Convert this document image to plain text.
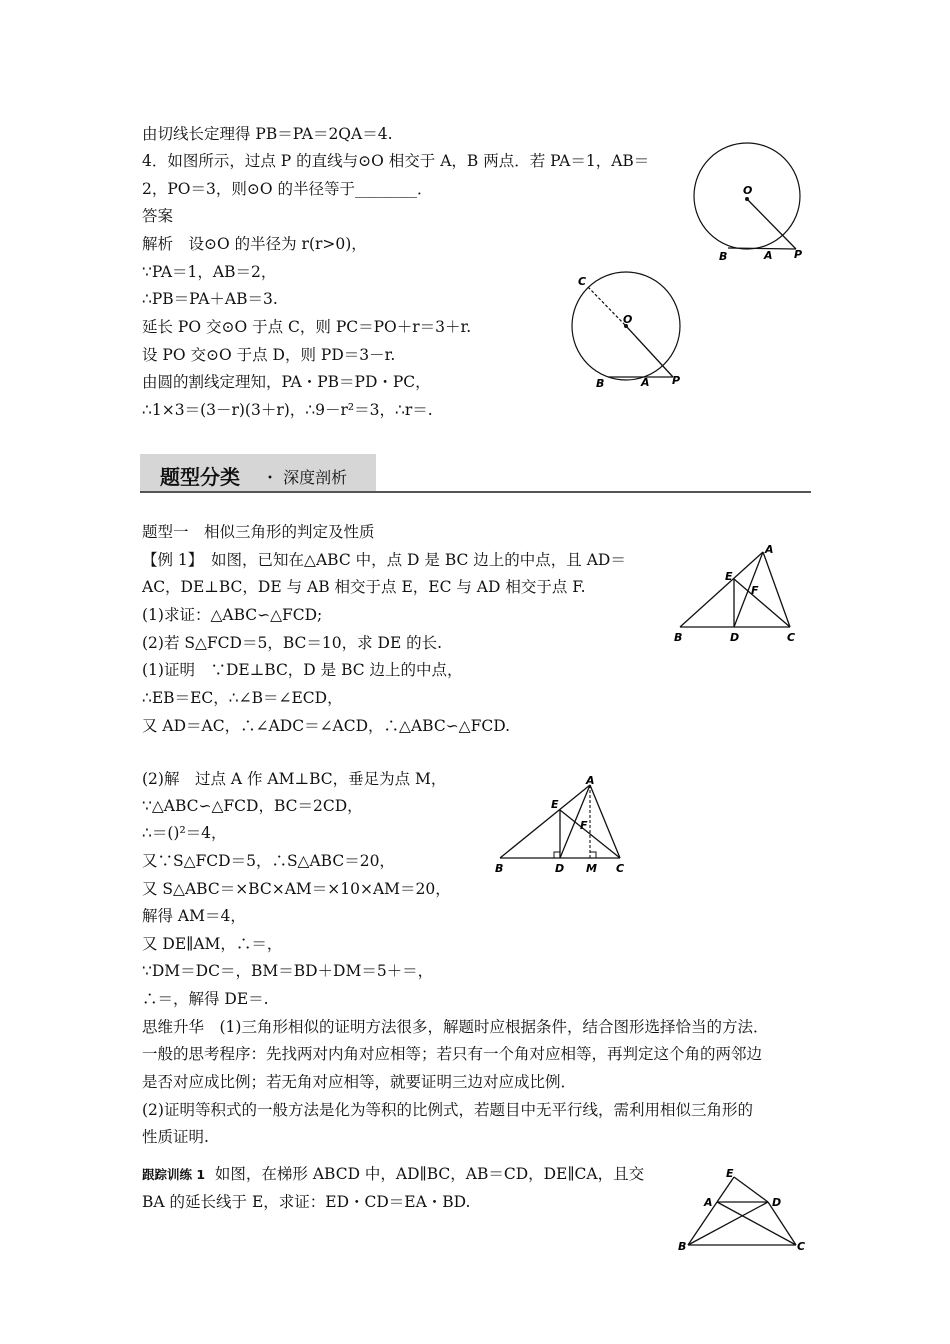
由切线长定理得 PB＝PA＝2QA＝4.
4．如图所示，过点 P 的直线与⊙O 相交于 A，B 两点．若 PA＝1，AB＝
2，PO＝3，则⊙O 的半径等于________．
答案
解析　设⊙O 的半径为 r(r>0)，
∵PA＝1，AB＝2，
∴PB＝PA＋AB＝3.
延长 PO 交⊙O 于点 C，则 PC＝PO＋r＝3＋r.
设 PO 交⊙O 于点 D，则 PD＝3－r.
由圆的割线定理知，PA・PB＝PD・PC，
∴1×3＝(3－r)(3＋r)，∴9－r²＝3，∴r＝.
题型分类 ・ 深度剖析
题型一　相似三角形的判定及性质
【例 1】　如图，已知在△ABC 中，点 D 是 BC 边上的中点，且 AD＝
AC，DE⊥BC，DE 与 AB 相交于点 E，EC 与 AD 相交于点 F.
(1)求证：△ABC∽△FCD;
(2)若 S△FCD＝5，BC＝10，求 DE 的长.
(1)证明　∵DE⊥BC，D 是 BC 边上的中点，
∴EB＝EC，∴∠B＝∠ECD，
又 AD＝AC，∴∠ADC＝∠ACD，∴△ABC∽△FCD.
(2)解　过点 A 作 AM⊥BC，垂足为点 M，
∵△ABC∽△FCD，BC＝2CD，
∴＝()²＝4，
又∵S△FCD＝5，∴S△ABC＝20，
又 S△ABC＝×BC×AM＝×10×AM＝20，
解得 AM＝4，
又 DE∥AM，∴＝，
∵DM＝DC＝，BM＝BD＋DM＝5＋＝，
∴＝，解得 DE＝.
思维升华　(1)三角形相似的证明方法很多，解题时应根据条件，结合图形选择恰当的方法．
一般的思考程序：先找两对内角对应相等；若只有一个角对应相等，再判定这个角的两邻边
是否对应成比例；若无角对应相等，就要证明三边对应成比例．
(2)证明等积式的一般方法是化为等积的比例式，若题目中无平行线，需利用相似三角形的
性质证明.
跟踪训练 1 如图，在梯形 ABCD 中，AD∥BC，AB＝CD，DE∥CA，且交
BA 的延长线于 E，求证：ED・CD＝EA・BD.
O
B	A P
C
O
B	A P
A
E
F
B	D	C
A
E
F
B	D M C
E
A	D
B	C
